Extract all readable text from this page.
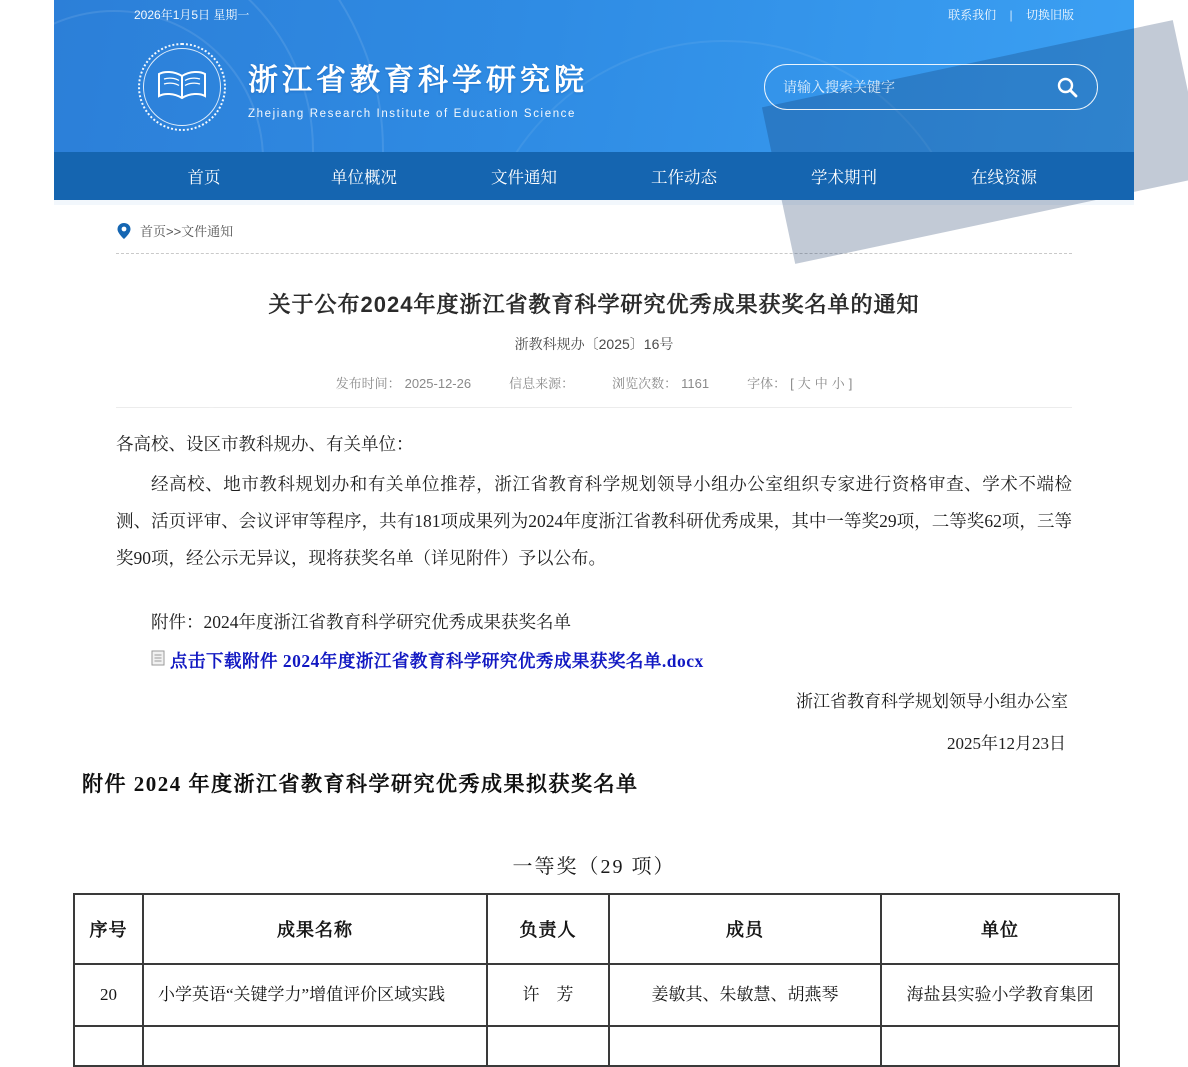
2026年1月5日 星期一	联系我们 | 切换旧版
浙江省教育科学研究院
Zhejiang Research Institute of Education Science
请输入搜索关键字
首页	单位概况	文件通知	工作动态	学术期刊	在线资源
首页>>文件通知
关于公布2024年度浙江省教育科学研究优秀成果获奖名单的通知
浙教科规办〔2025〕16号
发布时间： 2025-12-26	信息来源：	浏览次数： 1161	字体： [ 大 中 小 ]
各高校、设区市教科规办、有关单位：
经高校、地市教科规划办和有关单位推荐，浙江省教育科学规划领导小组办公室组织专家进行资格审查、学术不端检测、活页评审、会议评审等程序，共有181项成果列为2024年度浙江省教科研优秀成果，其中一等奖29项，二等奖62项，三等奖90项，经公示无异议，现将获奖名单（详见附件）予以公布。
附件：2024年度浙江省教育科学研究优秀成果获奖名单
点击下载附件 2024年度浙江省教育科学研究优秀成果获奖名单.docx
浙江省教育科学规划领导小组办公室
2025年12月23日
附件 2024 年度浙江省教育科学研究优秀成果拟获奖名单
一等奖（29 项）
序号	成果名称	负责人	成员	单位
20	小学英语“关键学力”增值评价区域实践	许　芳	姜敏其、朱敏慧、胡燕琴	海盐县实验小学教育集团
